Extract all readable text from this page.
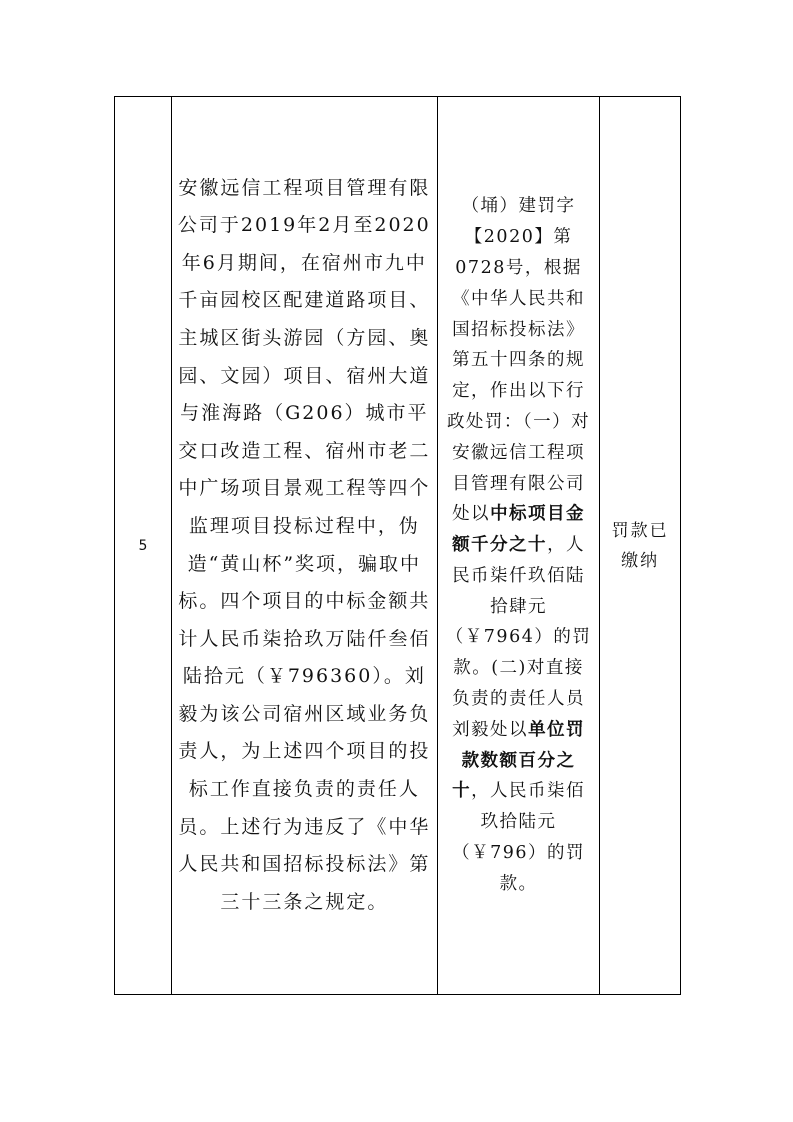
5

安徽远信工程项目管理有限公司于2019年2月至2020年6月期间，在宿州市九中千亩园校区配建道路项目、主城区街头游园（方园、奥园、文园）项目、宿州大道与淮海路（G206）城市平交口改造工程、宿州市老二中广场项目景观工程等四个监理项目投标过程中，伪造“黄山杯”奖项，骗取中标。四个项目的中标金额共计人民币柒拾玖万陆仟叁佰陆拾元（￥796360）。刘毅为该公司宿州区域业务负责人，为上述四个项目的投标工作直接负责的责任人员。上述行为违反了《中华人民共和国招标投标法》第三十三条之规定。

（埇）建罚字【2020】第0728号，根据《中华人民共和国招标投标法》第五十四条的规定，作出以下行政处罚：（一）对安徽远信工程项目管理有限公司处以中标项目金额千分之十，人民币柒仟玖佰陆拾肆元（￥7964）的罚款。(二)对直接负责的责任人员刘毅处以单位罚款数额百分之十，人民币柒佰玖拾陆元（￥796）的罚款。

罚款已缴纳
